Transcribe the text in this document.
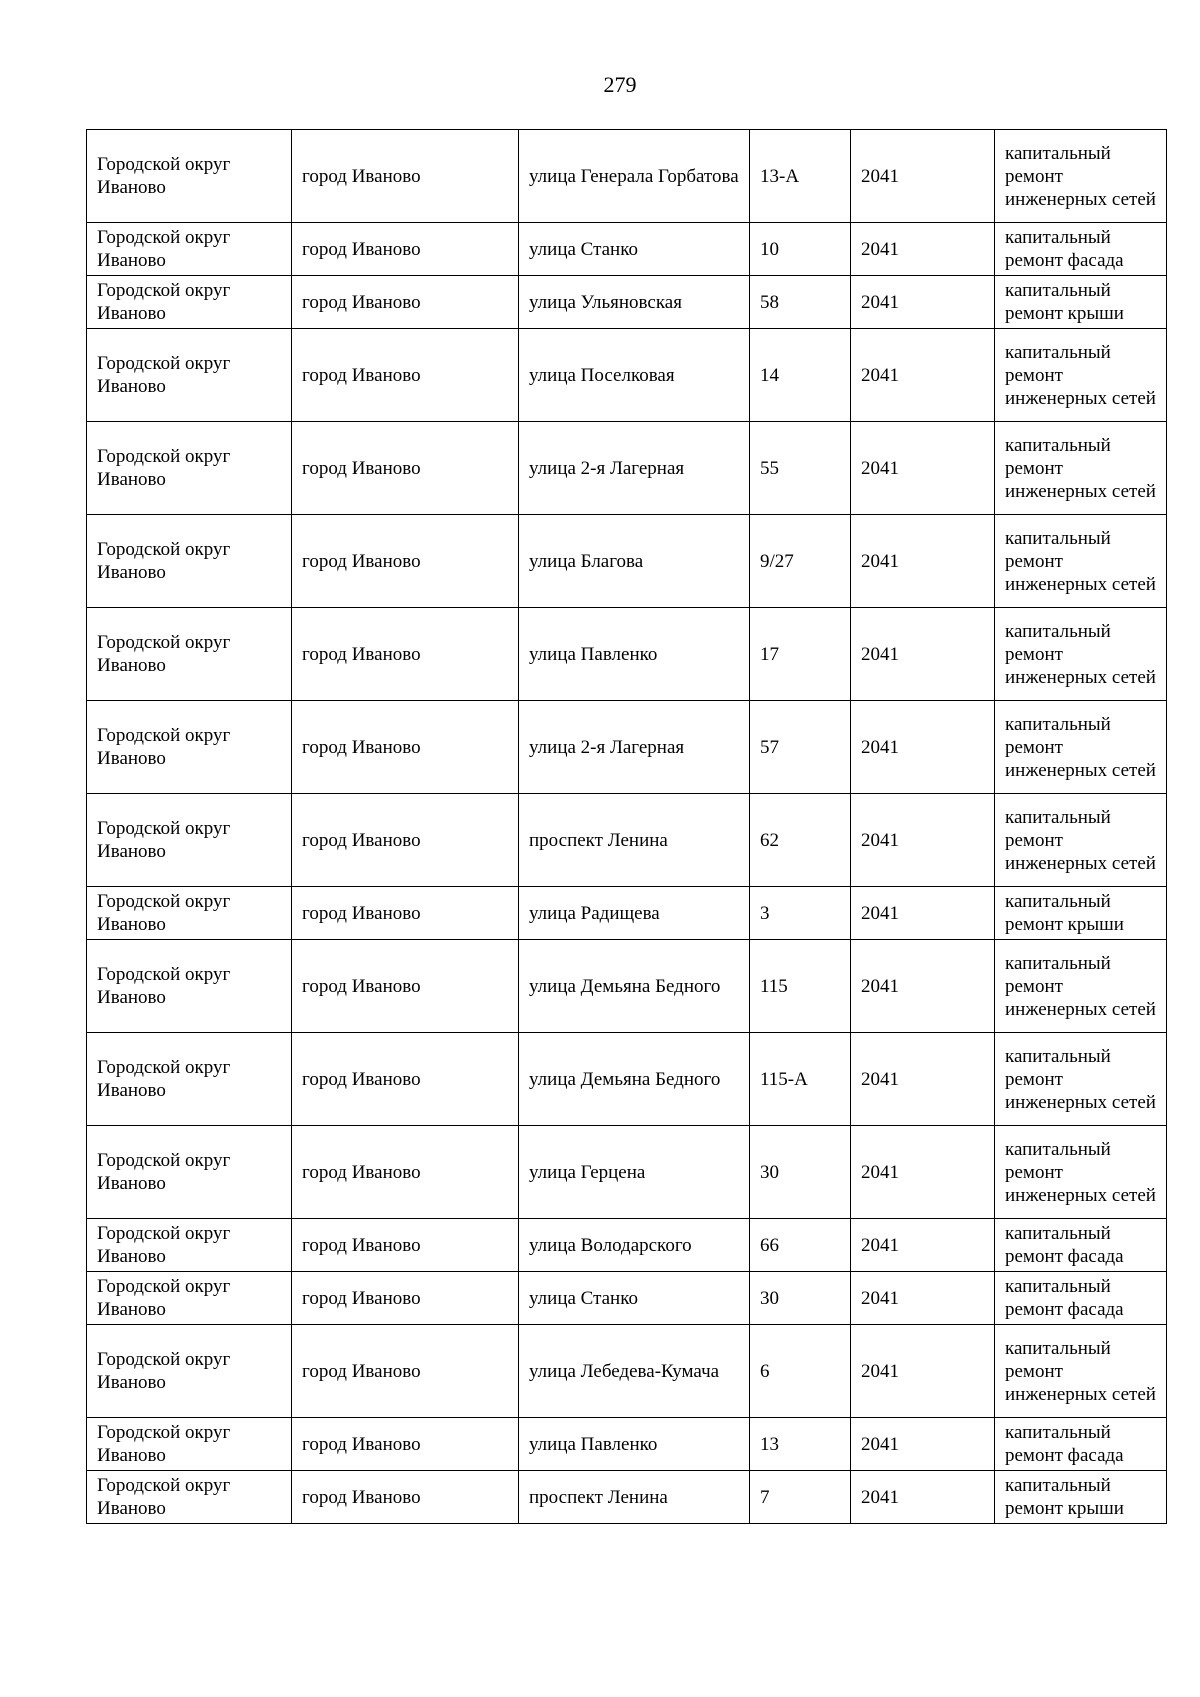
279
Городской округ Иваново	город Иваново	улица Генерала Горбатова	13-А	2041	капитальный ремонт инженерных сетей
Городской округ Иваново	город Иваново	улица Станко	10	2041	капитальный ремонт фасада
Городской округ Иваново	город Иваново	улица Ульяновская	58	2041	капитальный ремонт крыши
Городской округ Иваново	город Иваново	улица Поселковая	14	2041	капитальный ремонт инженерных сетей
Городской округ Иваново	город Иваново	улица 2-я Лагерная	55	2041	капитальный ремонт инженерных сетей
Городской округ Иваново	город Иваново	улица Благова	9/27	2041	капитальный ремонт инженерных сетей
Городской округ Иваново	город Иваново	улица Павленко	17	2041	капитальный ремонт инженерных сетей
Городской округ Иваново	город Иваново	улица 2-я Лагерная	57	2041	капитальный ремонт инженерных сетей
Городской округ Иваново	город Иваново	проспект Ленина	62	2041	капитальный ремонт инженерных сетей
Городской округ Иваново	город Иваново	улица Радищева	3	2041	капитальный ремонт крыши
Городской округ Иваново	город Иваново	улица Демьяна Бедного	115	2041	капитальный ремонт инженерных сетей
Городской округ Иваново	город Иваново	улица Демьяна Бедного	115-А	2041	капитальный ремонт инженерных сетей
Городской округ Иваново	город Иваново	улица Герцена	30	2041	капитальный ремонт инженерных сетей
Городской округ Иваново	город Иваново	улица Володарского	66	2041	капитальный ремонт фасада
Городской округ Иваново	город Иваново	улица Станко	30	2041	капитальный ремонт фасада
Городской округ Иваново	город Иваново	улица Лебедева-Кумача	6	2041	капитальный ремонт инженерных сетей
Городской округ Иваново	город Иваново	улица Павленко	13	2041	капитальный ремонт фасада
Городской округ Иваново	город Иваново	проспект Ленина	7	2041	капитальный ремонт крыши
